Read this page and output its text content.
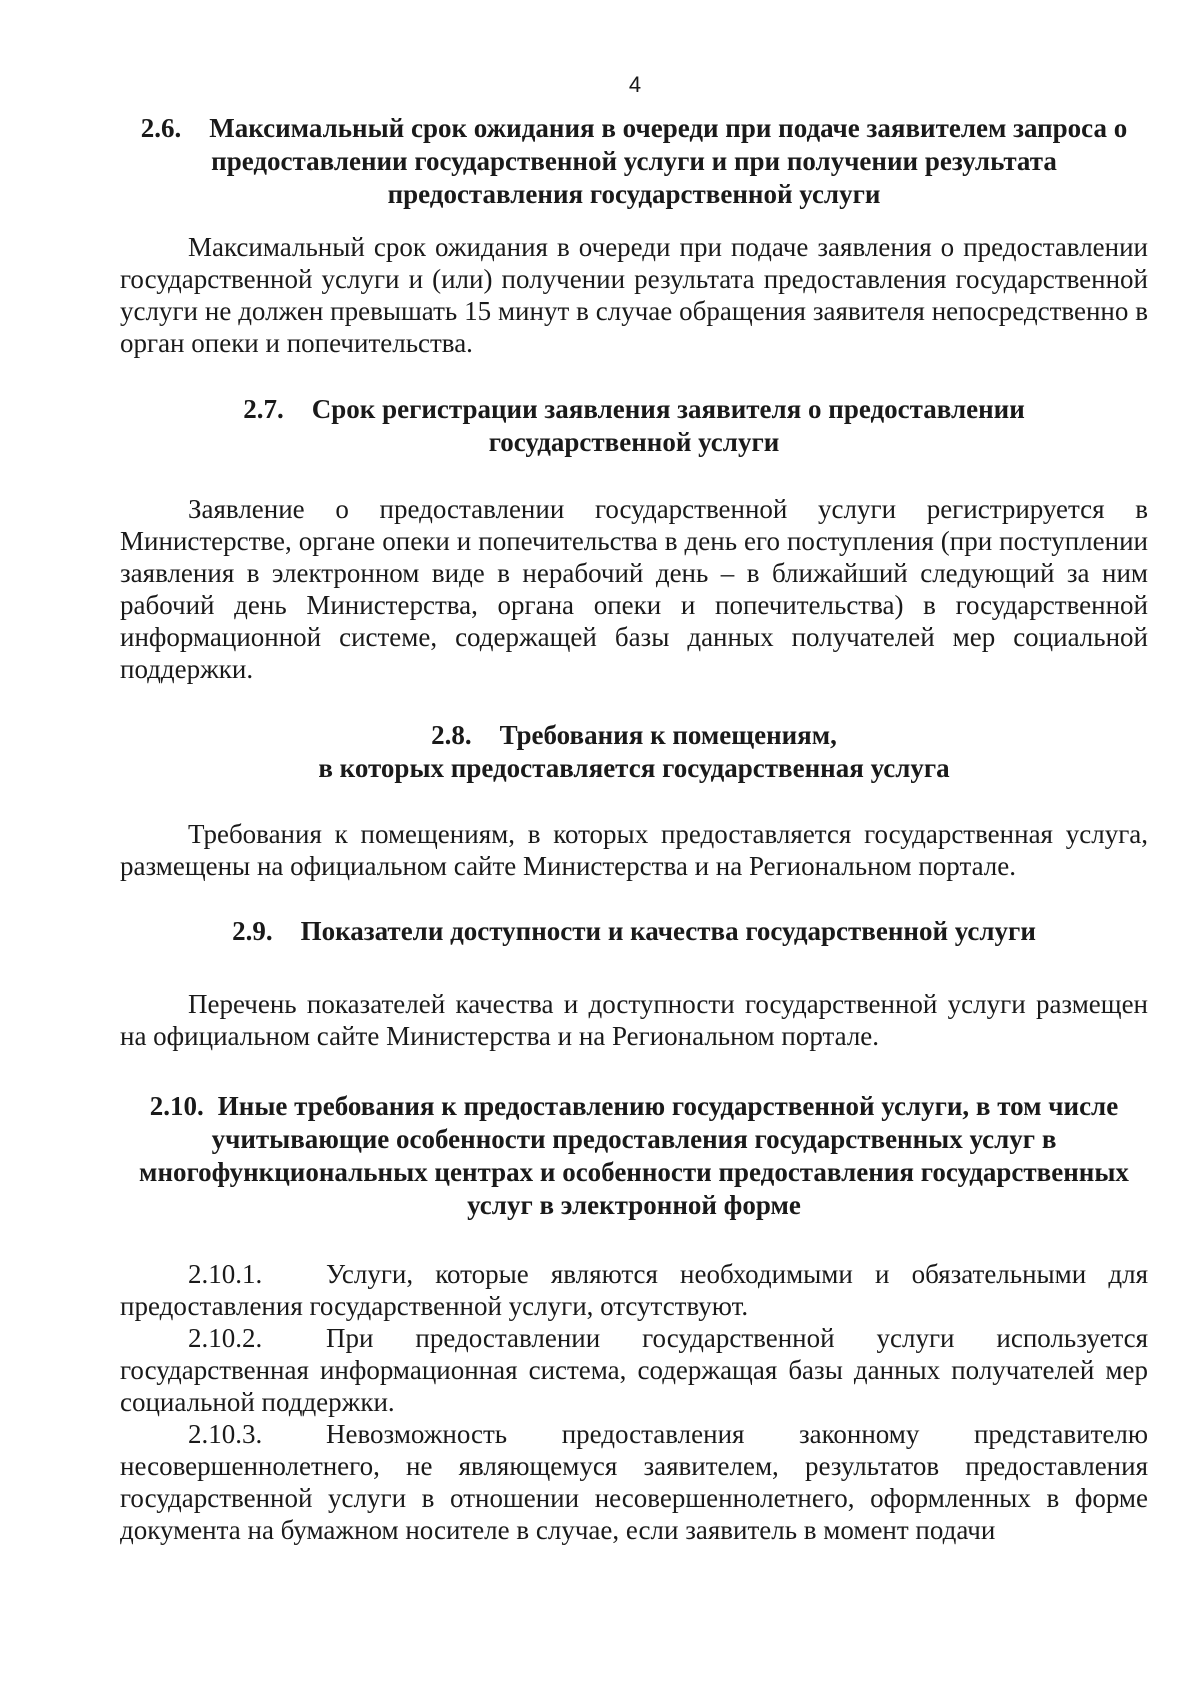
4
2.6. Максимальный срок ожидания в очереди при подаче заявителем запроса о предоставлении государственной услуги и при получении результата предоставления государственной услуги

Максимальный срок ожидания в очереди при подаче заявления о предоставлении государственной услуги и (или) получении результата предоставления государственной услуги не должен превышать 15 минут в случае обращения заявителя непосредственно в орган опеки и попечительства.

2.7. Срок регистрации заявления заявителя о предоставлении государственной услуги

Заявление о предоставлении государственной услуги регистрируется в Министерстве, органе опеки и попечительства в день его поступления (при поступлении заявления в электронном виде в нерабочий день – в ближайший следующий за ним рабочий день Министерства, органа опеки и попечительства) в государственной информационной системе, содержащей базы данных получателей мер социальной поддержки.

2.8. Требования к помещениям,
в которых предоставляется государственная услуга

Требования к помещениям, в которых предоставляется государственная услуга, размещены на официальном сайте Министерства и на Региональном портале.

2.9. Показатели доступности и качества государственной услуги

Перечень показателей качества и доступности государственной услуги размещен на официальном сайте Министерства и на Региональном портале.

2.10. Иные требования к предоставлению государственной услуги, в том числе учитывающие особенности предоставления государственных услуг в многофункциональных центрах и особенности предоставления государственных услуг в электронной форме

2.10.1. Услуги, которые являются необходимыми и обязательными для предоставления государственной услуги, отсутствуют.

2.10.2. При предоставлении государственной услуги используется государственная информационная система, содержащая базы данных получателей мер социальной поддержки.

2.10.3. Невозможность предоставления законному представителю несовершеннолетнего, не являющемуся заявителем, результатов предоставления государственной услуги в отношении несовершеннолетнего, оформленных в форме документа на бумажном носителе в случае, если заявитель в момент подачи
